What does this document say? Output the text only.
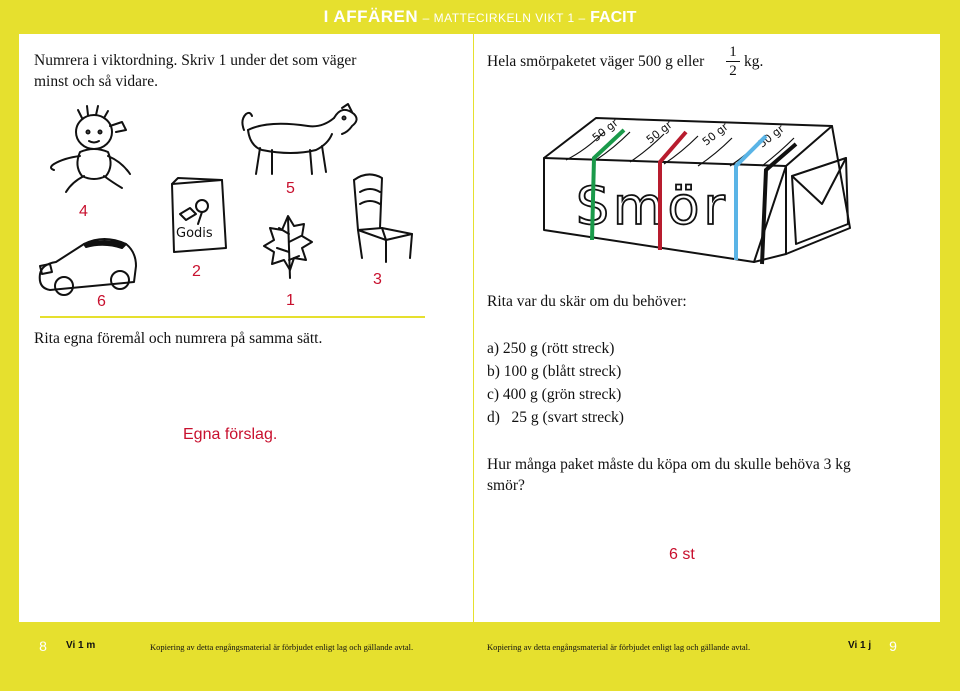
I AFFÄREN – MATTECIRKELN VIKT 1 – FACIT
Numrera i viktordning. Skriv 1 under det som väger minst och så vidare.
Godis
4
5
2	3
6	1
Rita egna föremål och numrera på samma sätt.
Egna förslag.
Hela smörpaketet väger 500 g eller
1
2
kg.
50 gr 50 gr 50 gr 50 gr
Smör
Rita var du skär om du behöver:
a) 250 g (rött streck)
b) 100 g (blått streck)
c) 400 g (grön streck)
d)  25 g (svart streck)
Hur många paket måste du köpa om du skulle behöva 3 kg smör?
6 st
8	Vi 1 m	Kopiering av detta engångsmaterial är förbjudet enligt lag och gällande avtal.	Kopiering av detta engångsmaterial är förbjudet enligt lag och gällande avtal.	Vi 1 j	9
